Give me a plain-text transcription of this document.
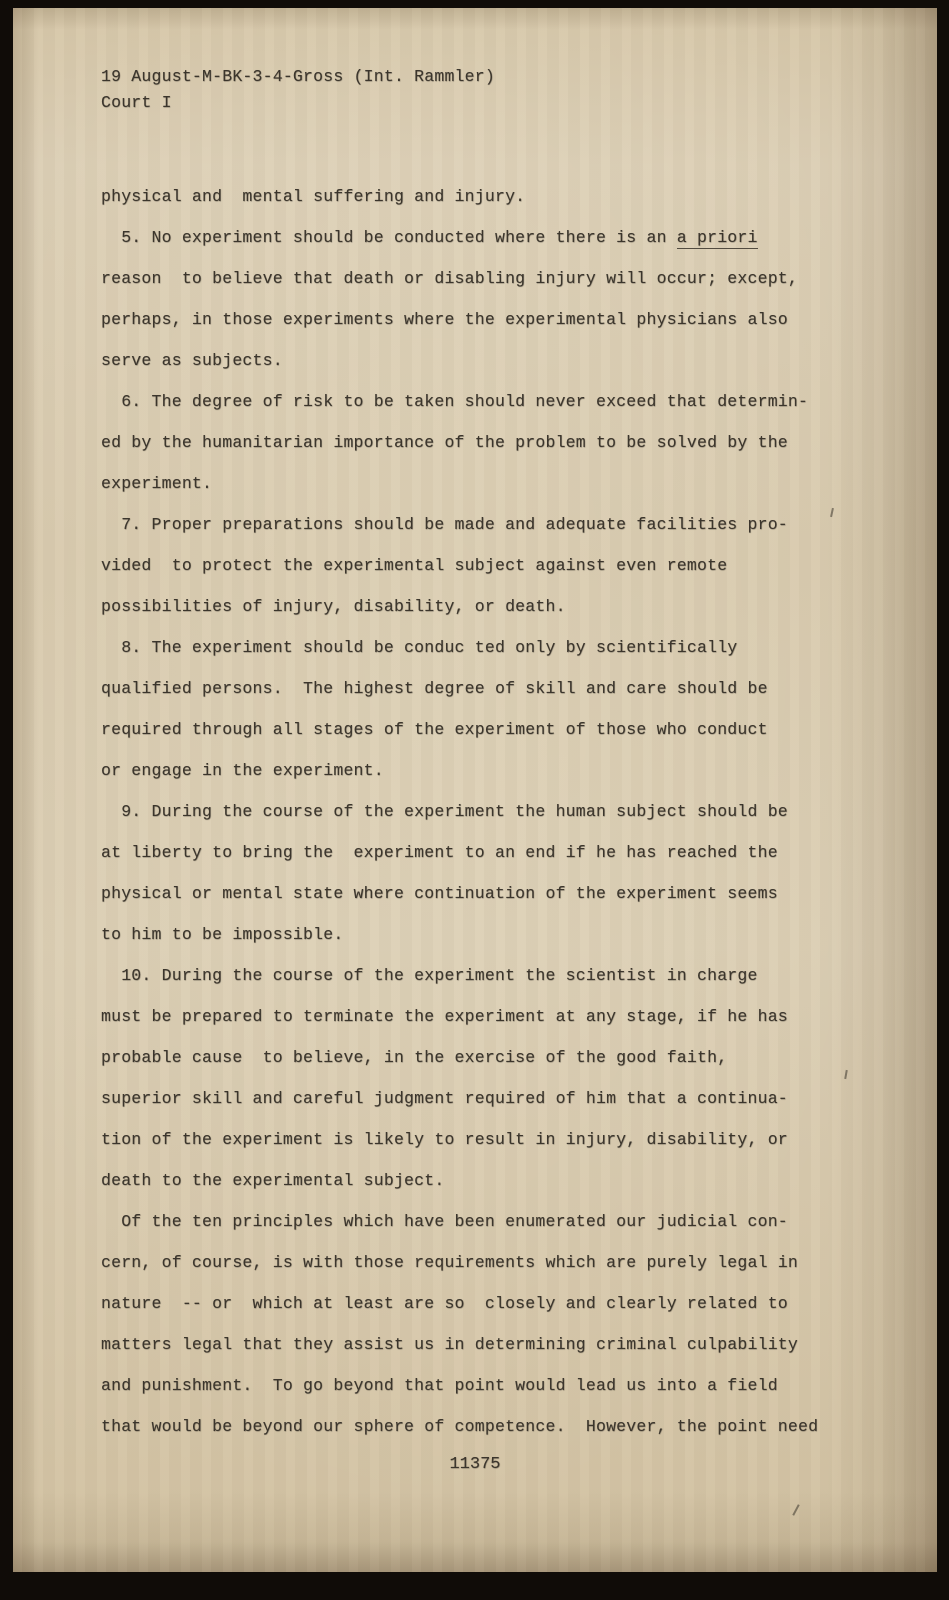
19 August-M-BK-3-4-Gross (Int. Rammler)
Court I
physical and  mental suffering and injury.
5. No experiment should be conducted where there is an a priori
reason  to believe that death or disabling injury will occur; except,
perhaps, in those experiments where the experimental physicians also
serve as subjects.
6. The degree of risk to be taken should never exceed that determin-
ed by the humanitarian importance of the problem to be solved by the
experiment.
7. Proper preparations should be made and adequate facilities pro-
vided  to protect the experimental subject against even remote
possibilities of injury, disability, or death.
8. The experiment should be conduc ted only by scientifically
qualified persons.  The highest degree of skill and care should be
required through all stages of the experiment of those who conduct
or engage in the experiment.
9. During the course of the experiment the human subject should be
at liberty to bring the  experiment to an end if he has reached the
physical or mental state where continuation of the experiment seems
to him to be impossible.
10. During the course of the experiment the scientist in charge
must be prepared to terminate the experiment at any stage, if he has
probable cause  to believe, in the exercise of the good faith,
superior skill and careful judgment required of him that a continua-
tion of the experiment is likely to result in injury, disability, or
death to the experimental subject.
Of the ten principles which have been enumerated our judicial con-
cern, of course, is with those requirements which are purely legal in
nature  -- or  which at least are so  closely and clearly related to
matters legal that they assist us in determining criminal culpability
and punishment.  To go beyond that point would lead us into a field
that would be beyond our sphere of competence.  However, the point need
11375
